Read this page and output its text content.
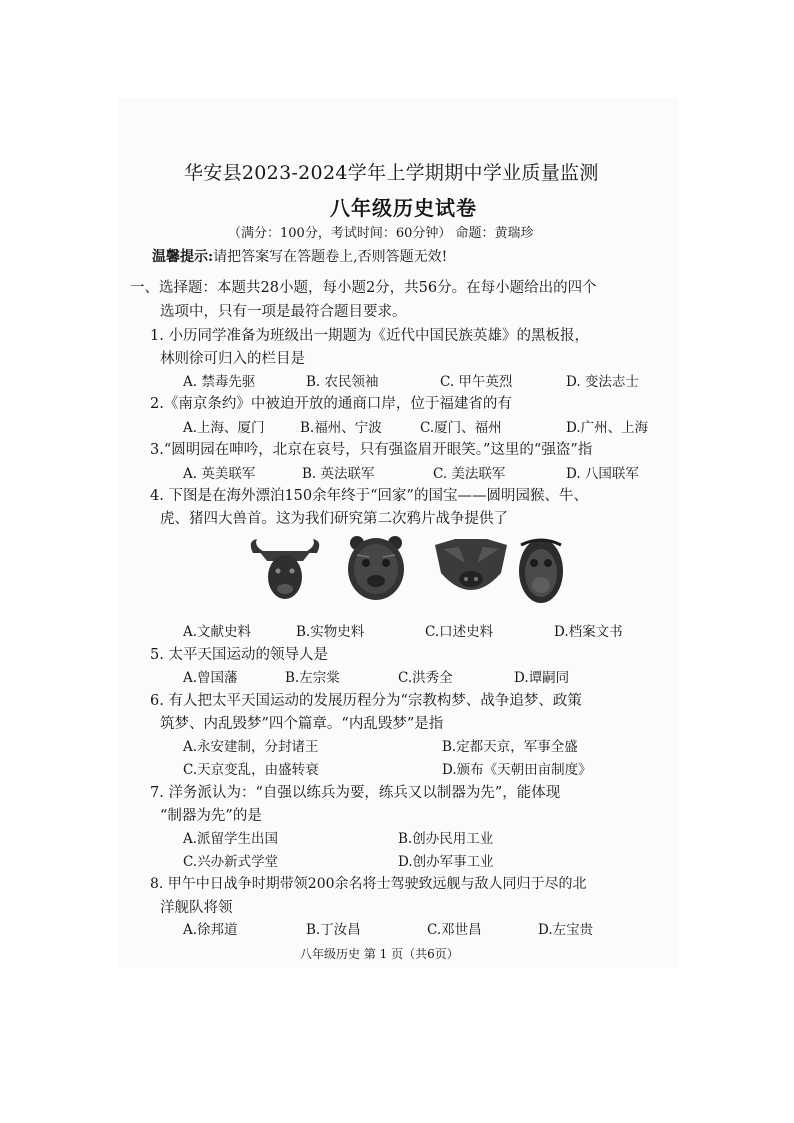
华安县2023-2024学年上学期期中学业质量监测
八年级历史试卷
（满分：100分，考试时间：60分钟） 命题：黄瑞珍
温馨提示:请把答案写在答题卷上,否则答题无效!
一、选择题：本题共28小题，每小题2分，共56分。在每小题给出的四个
选项中，只有一项是最符合题目要求。
1. 小历同学准备为班级出一期题为《近代中国民族英雄》的黑板报，
林则徐可归入的栏目是
A. 禁毒先驱	B. 农民领袖	C. 甲午英烈	D. 变法志士
2.《南京条约》中被迫开放的通商口岸，位于福建省的有
A.上海、厦门	B.福州、宁波	C.厦门、福州	D.广州、上海
3.“圆明园在呻吟，北京在哀号，只有强盗眉开眼笑。”这里的“强盗”指
A. 英美联军	B. 英法联军	C. 美法联军	D. 八国联军
4. 下图是在海外漂泊150余年终于“回家”的国宝——圆明园猴、牛、
虎、猪四大兽首。这为我们研究第二次鸦片战争提供了
A.文献史料	B.实物史料	C.口述史料	D.档案文书
5. 太平天国运动的领导人是
A.曾国藩	B.左宗棠	C.洪秀全	D.谭嗣同
6. 有人把太平天国运动的发展历程分为“宗教构梦、战争追梦、政策
筑梦、内乱毁梦”四个篇章。“内乱毁梦”是指
A.永安建制，分封诸王	B.定都天京，军事全盛
C.天京变乱，由盛转衰	D.颁布《天朝田亩制度》
7. 洋务派认为：“自强以练兵为要，练兵又以制器为先”，能体现
“制器为先”的是
A.派留学生出国	B.创办民用工业
C.兴办新式学堂	D.创办军事工业
8. 甲午中日战争时期带领200余名将士驾驶致远舰与敌人同归于尽的北
洋舰队将领
A.徐邦道	B.丁汝昌	C.邓世昌	D.左宝贵
八年级历史 第 1 页（共6页）
